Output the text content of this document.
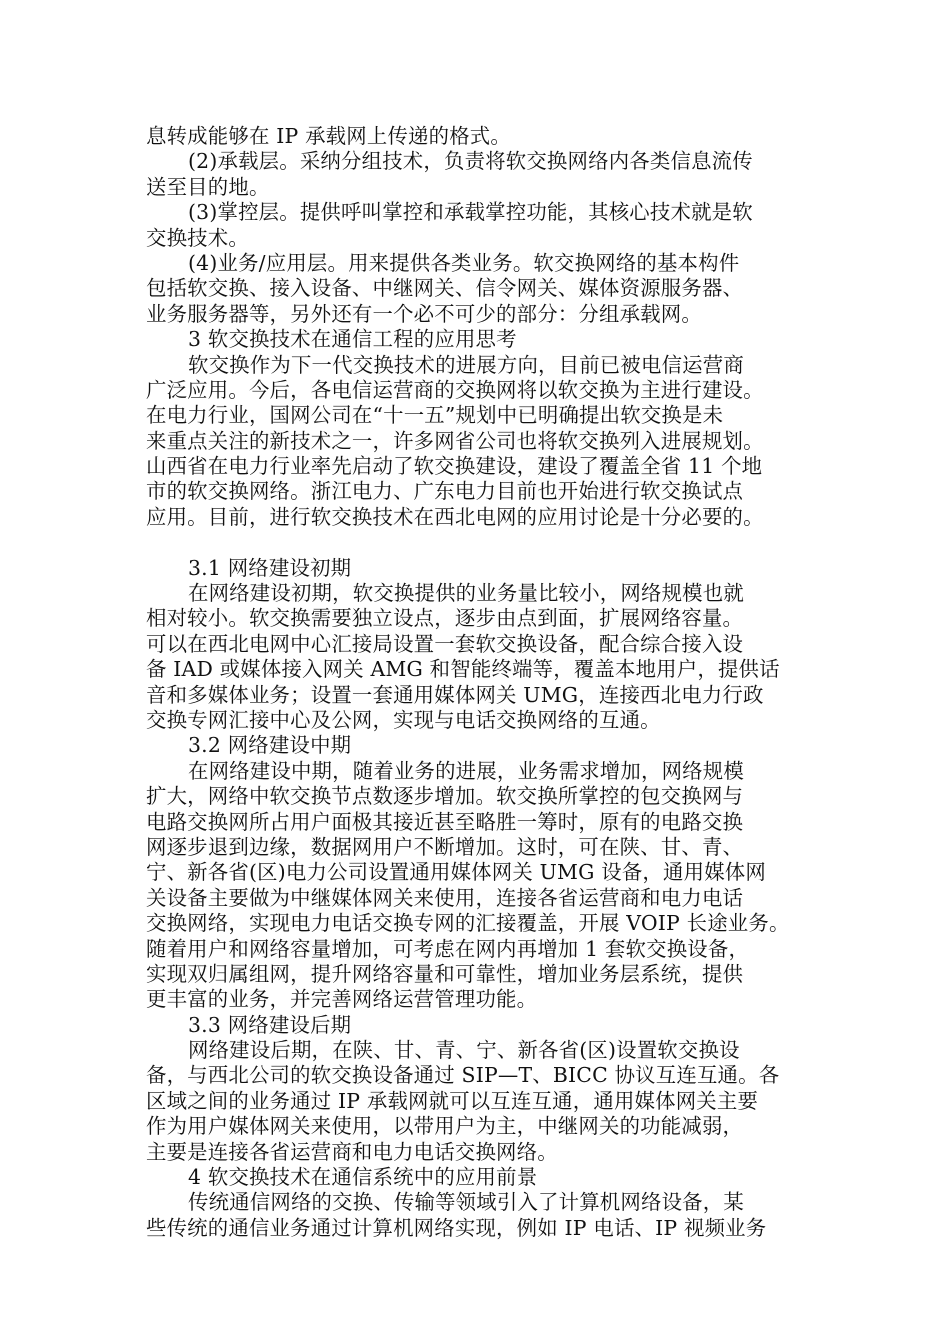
息转成能够在 IP 承载网上传递的格式。
(2)承载层。采纳分组技术，负责将软交换网络内各类信息流传
送至目的地。
(3)掌控层。提供呼叫掌控和承载掌控功能，其核心技术就是软
交换技术。
(4)业务/应用层。用来提供各类业务。软交换网络的基本构件
包括软交换、接入设备、中继网关、信令网关、媒体资源服务器、
业务服务器等，另外还有一个必不可少的部分：分组承载网。
3 软交换技术在通信工程的应用思考
软交换作为下一代交换技术的进展方向，目前已被电信运营商
广泛应用。今后，各电信运营商的交换网将以软交换为主进行建设。
在电力行业，国网公司在“十一五”规划中已明确提出软交换是未
来重点关注的新技术之一，许多网省公司也将软交换列入进展规划。
山西省在电力行业率先启动了软交换建设，建设了覆盖全省 11 个地
市的软交换网络。浙江电力、广东电力目前也开始进行软交换试点
应用。目前，进行软交换技术在西北电网的应用讨论是十分必要的。
3.1 网络建设初期
在网络建设初期，软交换提供的业务量比较小，网络规模也就
相对较小。软交换需要独立设点，逐步由点到面，扩展网络容量。
可以在西北电网中心汇接局设置一套软交换设备，配合综合接入设
备 IAD 或媒体接入网关 AMG 和智能终端等，覆盖本地用户，提供话
音和多媒体业务；设置一套通用媒体网关 UMG，连接西北电力行政
交换专网汇接中心及公网，实现与电话交换网络的互通。
3.2 网络建设中期
在网络建设中期，随着业务的进展，业务需求增加，网络规模
扩大，网络中软交换节点数逐步增加。软交换所掌控的包交换网与
电路交换网所占用户面极其接近甚至略胜一筹时，原有的电路交换
网逐步退到边缘，数据网用户不断增加。这时，可在陕、甘、青、
宁、新各省(区)电力公司设置通用媒体网关 UMG 设备，通用媒体网
关设备主要做为中继媒体网关来使用，连接各省运营商和电力电话
交换网络，实现电力电话交换专网的汇接覆盖，开展 VOIP 长途业务。
随着用户和网络容量增加，可考虑在网内再增加 1 套软交换设备，
实现双归属组网，提升网络容量和可靠性，增加业务层系统，提供
更丰富的业务，并完善网络运营管理功能。
3.3 网络建设后期
网络建设后期，在陕、甘、青、宁、新各省(区)设置软交换设
备，与西北公司的软交换设备通过 SIP—T、BICC 协议互连互通。各
区域之间的业务通过 IP 承载网就可以互连互通，通用媒体网关主要
作为用户媒体网关来使用，以带用户为主，中继网关的功能减弱，
主要是连接各省运营商和电力电话交换网络。
4 软交换技术在通信系统中的应用前景
传统通信网络的交换、传输等领域引入了计算机网络设备，某
些传统的通信业务通过计算机网络实现，例如 IP 电话、IP 视频业务
